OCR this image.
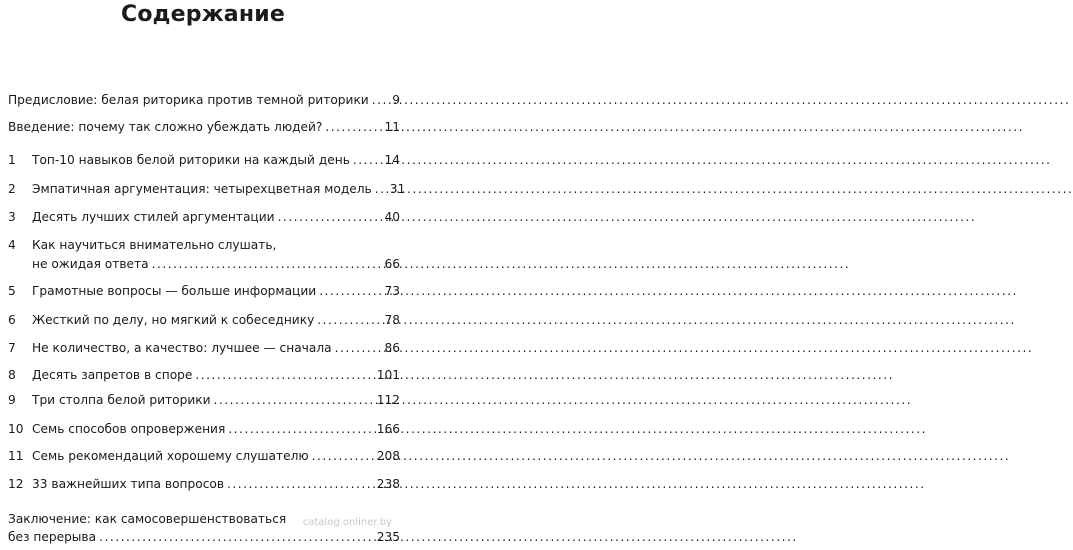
Содержание
Предисловие: белая риторика против темной риторики ..... 9
Введение: почему так сложно убеждать людей? .....	11
1	Топ-10 навыков белой риторики на каждый день .....	14
2	Эмпатичная аргументация: четырехцветная модель ..... 31
3	Десять лучших стилей аргументации .....	40
4	Как научиться внимательно слушать,
не ожидая ответа .....	66
5	Грамотные вопросы — больше информации .....	73
6	Жесткий по делу, но мягкий к собеседнику .....	78
7	Не количество, а качество: лучшее — сначала .....	86
8	Десять запретов в споре .....	101
9	Три столпа белой риторики .....	112
10 Семь способов опровержения .....	166
11 Семь рекомендаций хорошему слушателю .....	208
12 33 важнейших типа вопросов .....	238
Заключение: как самосовершенствоваться
без перерыва .....	235
catalog.onliner.by
